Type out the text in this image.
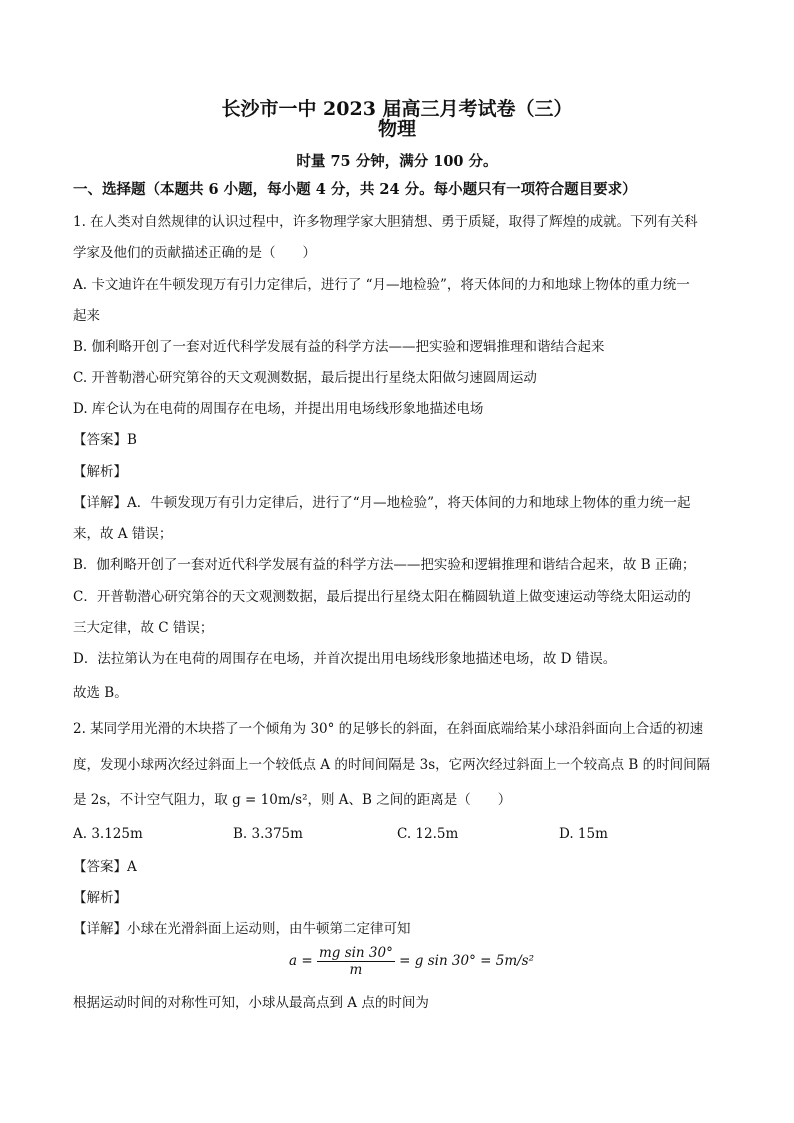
长沙市一中 2023 届高三月考试卷（三）
物理
时量 75 分钟，满分 100 分。
一、选择题（本题共 6 小题，每小题 4 分，共 24 分。每小题只有一项符合题目要求）
1. 在人类对自然规律的认识过程中，许多物理学家大胆猜想、勇于质疑，取得了辉煌的成就。下列有关科
学家及他们的贡献描述正确的是（　　）
A. 卡文迪许在牛顿发现万有引力定律后，进行了 “月—地检验”，将天体间的力和地球上物体的重力统一
起来
B. 伽利略开创了一套对近代科学发展有益的科学方法——把实验和逻辑推理和谐结合起来
C. 开普勒潜心研究第谷的天文观测数据，最后提出行星绕太阳做匀速圆周运动
D. 库仑认为在电荷的周围存在电场，并提出用电场线形象地描述电场
【答案】B
【解析】
【详解】A．牛顿发现万有引力定律后，进行了“月—地检验”，将天体间的力和地球上物体的重力统一起
来，故 A 错误；
B．伽利略开创了一套对近代科学发展有益的科学方法——把实验和逻辑推理和谐结合起来，故 B 正确；
C．开普勒潜心研究第谷的天文观测数据，最后提出行星绕太阳在椭圆轨道上做变速运动等绕太阳运动的
三大定律，故 C 错误；
D．法拉第认为在电荷的周围存在电场，并首次提出用电场线形象地描述电场，故 D 错误。
故选 B。
2. 某同学用光滑的木块搭了一个倾角为 30° 的足够长的斜面，在斜面底端给某小球沿斜面向上合适的初速
度，发现小球两次经过斜面上一个较低点 A 的时间间隔是 3s，它两次经过斜面上一个较高点 B 的时间间隔
是 2s，不计空气阻力，取 g = 10m/s²，则 A、B 之间的距离是（　　）
A. 3.125m	B. 3.375m	C. 12.5m	D. 15m
【答案】A
【解析】
【详解】小球在光滑斜面上运动则，由牛顿第二定律可知
$a = \frac{\text{mg sin 30°}}{m} = g$ sin 30° = 5m/s²
根据运动时间的对称性可知，小球从最高点到 A 点的时间为
